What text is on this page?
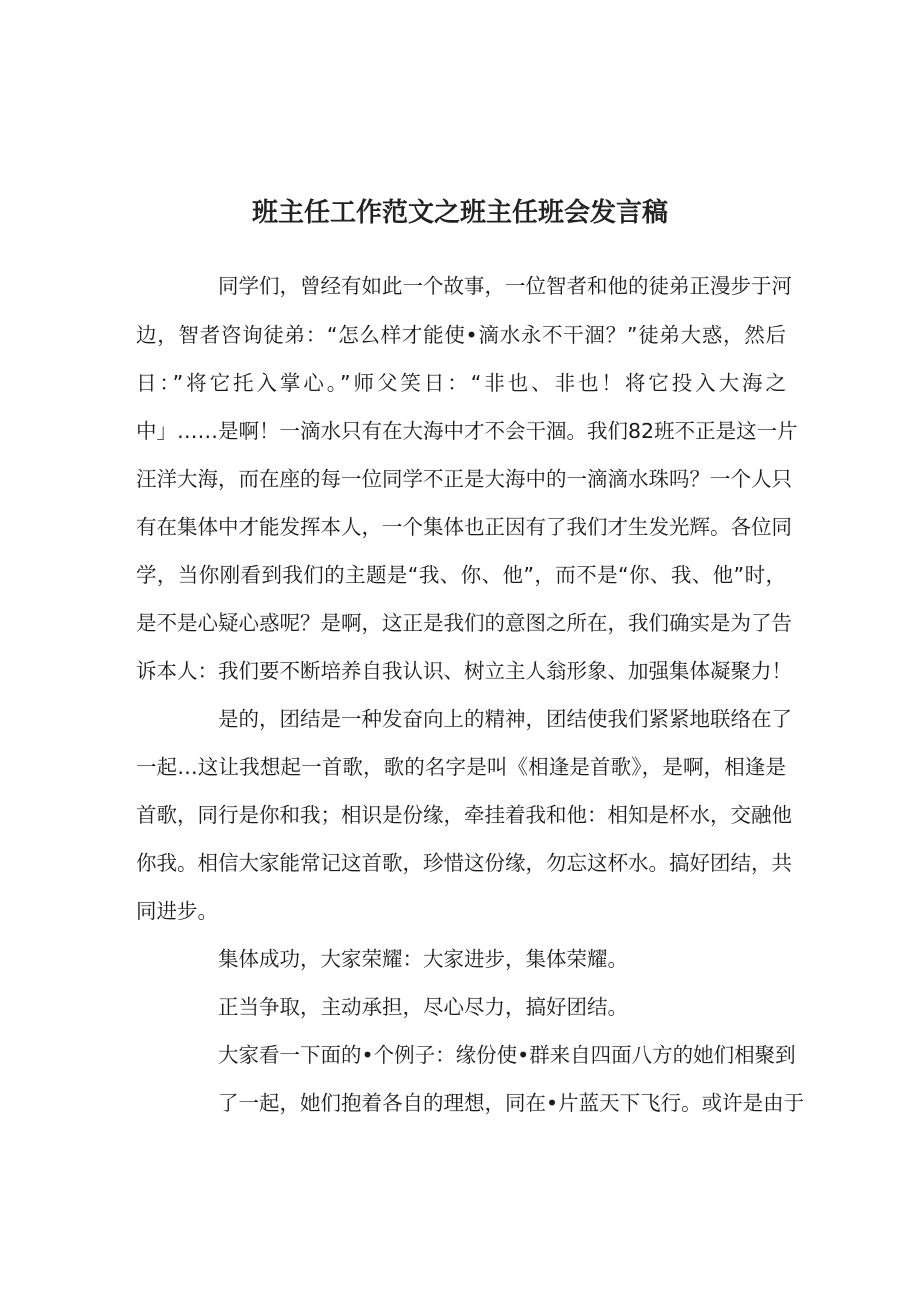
班主任工作范文之班主任班会发言稿
同学们，曾经有如此一个故事，一位智者和他的徒弟正漫步于河
边，智者咨询徒弟：“怎么样才能使•滴水永不干涸？”徒弟大惑，然后
日：”将它托入掌心。”师父笑日：“非也、非也！将它投入大海之
中」……是啊！一滴水只有在大海中才不会干涸。我们82班不正是这一片
汪洋大海，而在座的每一位同学不正是大海中的一滴滴水珠吗？一个人只
有在集体中才能发挥本人，一个集体也正因有了我们才生发光辉。各位同
学，当你刚看到我们的主题是“我、你、他”，而不是“你、我、他”时，
是不是心疑心惑呢？是啊，这正是我们的意图之所在，我们确实是为了告
诉本人：我们要不断培养自我认识、树立主人翁形象、加强集体凝聚力！
是的，团结是一种发奋向上的精神，团结使我们紧紧地联络在了
一起…这让我想起一首歌，歌的名字是叫《相逢是首歌》，是啊，相逢是
首歌，同行是你和我；相识是份缘，牵挂着我和他：相知是杯水，交融他
你我。相信大家能常记这首歌，珍惜这份缘，勿忘这杯水。搞好团结，共
同进步。
集体成功，大家荣耀：大家进步，集体荣耀。
正当争取，主动承担，尽心尽力，搞好团结。
大家看一下面的•个例子：缘份使•群来自四面八方的她们相聚到
了一起，她们抱着各自的理想，同在•片蓝天下飞行。或许是由于
